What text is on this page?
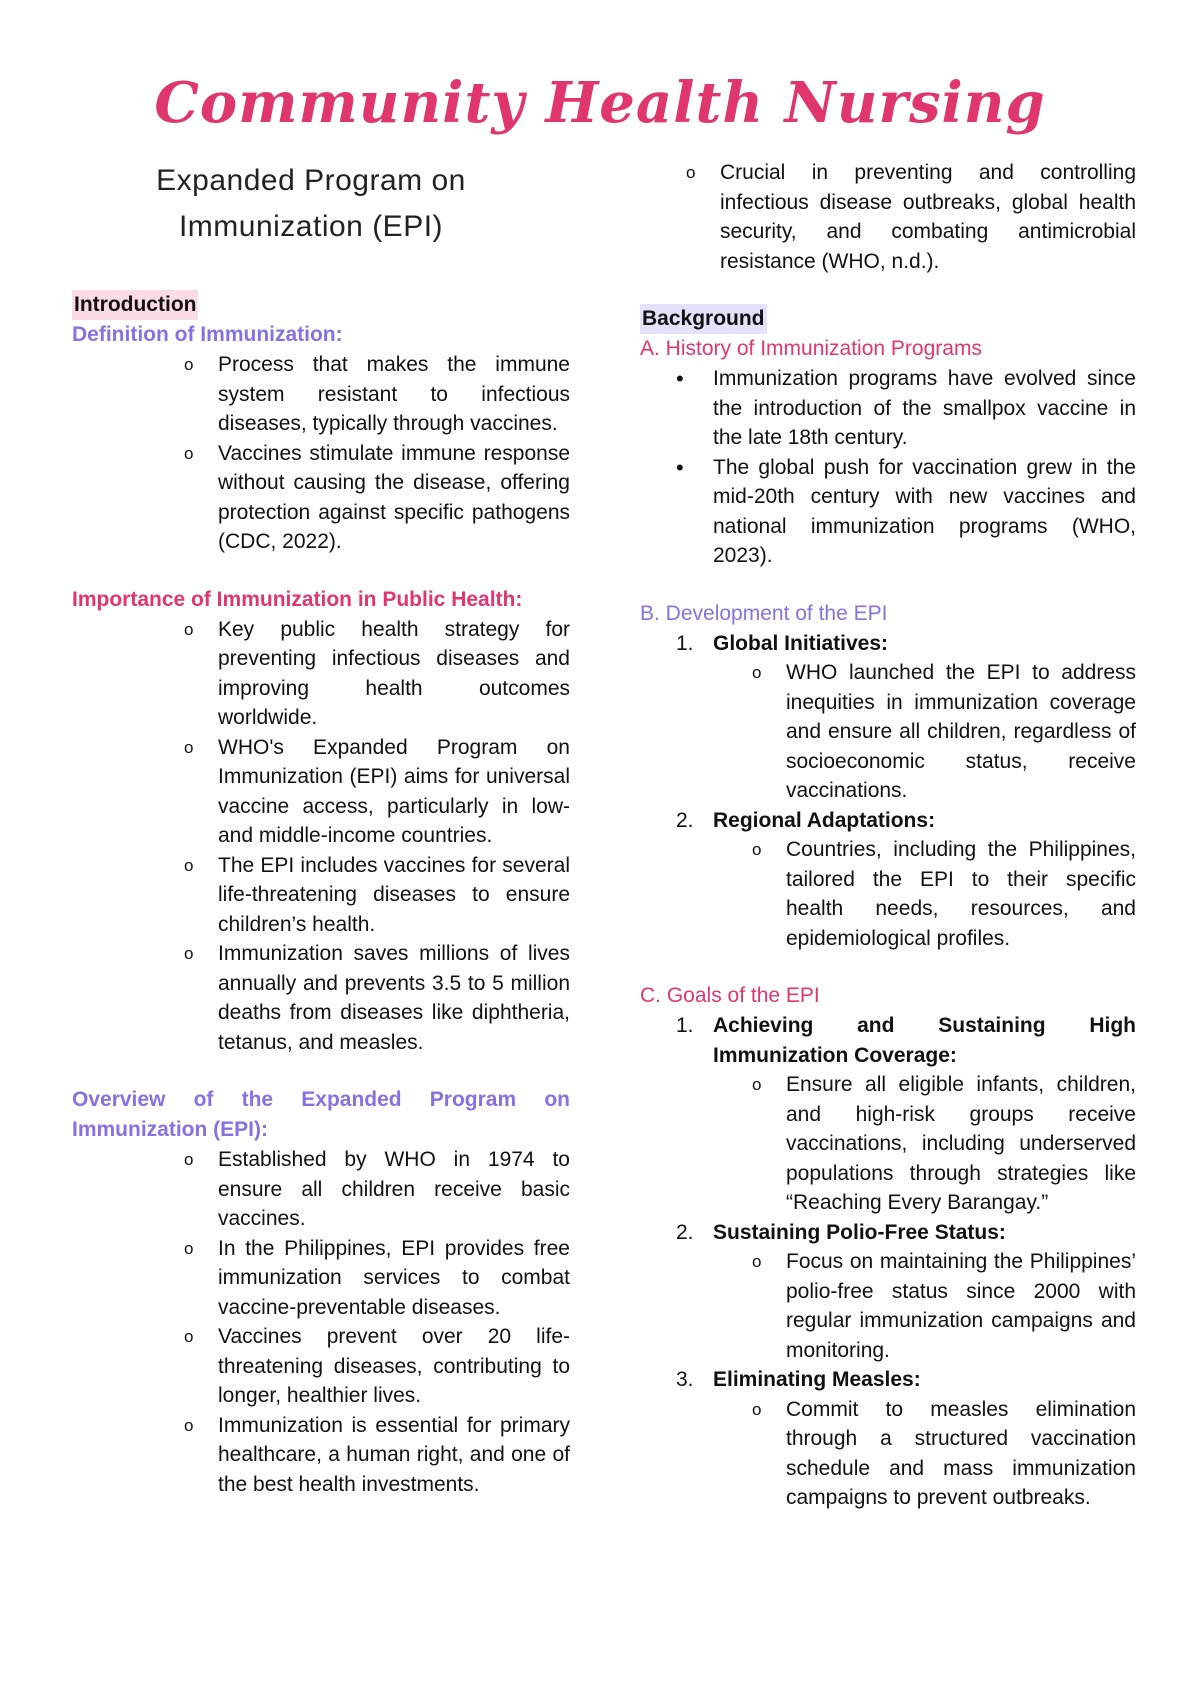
Community Health Nursing
Expanded Program on
Immunization (EPI)
Introduction

Definition of Immunization:

o Process that makes the immune system resistant to infectious diseases, typically through vaccines.
o Vaccines stimulate immune response without causing the disease, offering protection against specific pathogens (CDC, 2022).

Importance of Immunization in Public Health:

o Key public health strategy for preventing infectious diseases and improving health outcomes worldwide.
o WHO's Expanded Program on Immunization (EPI) aims for universal vaccine access, particularly in low- and middle-income countries.
o The EPI includes vaccines for several life-threatening diseases to ensure children’s health.
o Immunization saves millions of lives annually and prevents 3.5 to 5 million deaths from diseases like diphtheria, tetanus, and measles.

Overview of the Expanded Program on Immunization (EPI):

o Established by WHO in 1974 to ensure all children receive basic vaccines.
o In the Philippines, EPI provides free immunization services to combat vaccine-preventable diseases.
o Vaccines prevent over 20 life-threatening diseases, contributing to longer, healthier lives.
o Immunization is essential for primary healthcare, a human right, and one of the best health investments.
o Crucial in preventing and controlling infectious disease outbreaks, global health security, and combating antimicrobial resistance (WHO, n.d.).
Background

A. History of Immunization Programs

• Immunization programs have evolved since the introduction of the smallpox vaccine in the late 18th century.
• The global push for vaccination grew in the mid-20th century with new vaccines and national immunization programs (WHO, 2023).

B. Development of the EPI

1. Global Initiatives:
o WHO launched the EPI to address inequities in immunization coverage and ensure all children, regardless of socioeconomic status, receive vaccinations.
2. Regional Adaptations:
o Countries, including the Philippines, tailored the EPI to their specific health needs, resources, and epidemiological profiles.

C. Goals of the EPI

1. Achieving and Sustaining High Immunization Coverage:
o Ensure all eligible infants, children, and high-risk groups receive vaccinations, including underserved populations through strategies like “Reaching Every Barangay.”
2. Sustaining Polio-Free Status:
o Focus on maintaining the Philippines’ polio-free status since 2000 with regular immunization campaigns and monitoring.
3. Eliminating Measles:
o Commit to measles elimination through a structured vaccination schedule and mass immunization campaigns to prevent outbreaks.
